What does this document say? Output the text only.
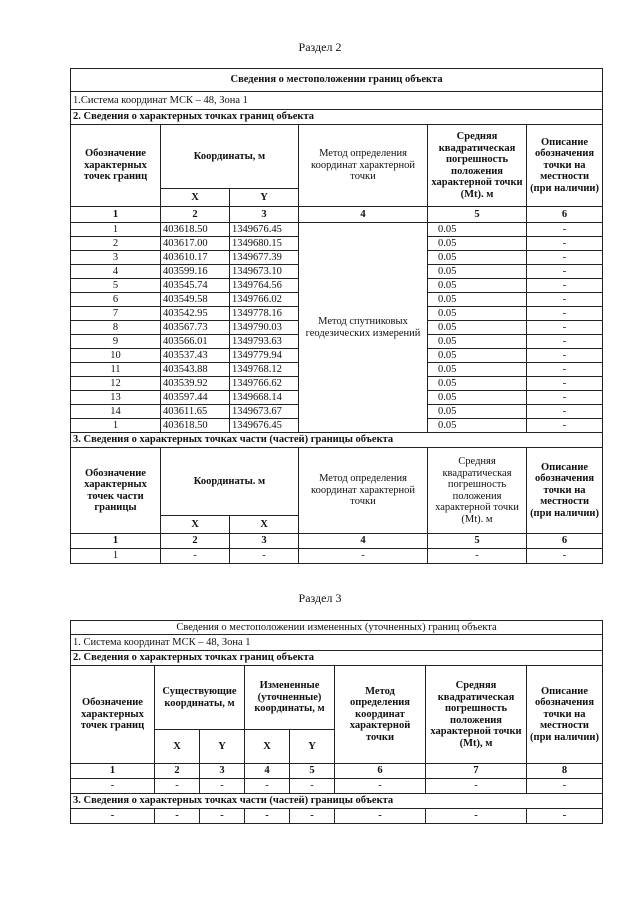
Раздел 2
Сведения о местоположении границ объекта					
1.Система координат МСК – 48, Зона 1					
2. Сведения о характерных точках границ объекта					
Обозначение характерных точек границ	Координаты, м		Метод определения координат характерной точки	Средняя квадратическая погрешность положения характерной точки (Mt). м	Описание обозначения точки на местности (при наличии)
	X	Y			
1	2	3	4	5	6
1	403618.50	1349676.45	Метод спутниковых геодезических измерений	0.05	-
2	403617.00	1349680.15		0.05	-
3	403610.17	1349677.39		0.05	-
4	403599.16	1349673.10		0.05	-
5	403545.74	1349764.56		0.05	-
6	403549.58	1349766.02		0.05	-
7	403542.95	1349778.16		0.05	-
8	403567.73	1349790.03		0.05	-
9	403566.01	1349793.63		0.05	-
10	403537.43	1349779.94		0.05	-
11	403543.88	1349768.12		0.05	-
12	403539.92	1349766.62		0.05	-
13	403597.44	1349668.14		0.05	-
14	403611.65	1349673.67		0.05	-
1	403618.50	1349676.45		0.05	-
3. Сведения о характерных точках части (частей) границы объекта					
Обозначение характерных точек части границы	Координаты. м		Метод определения координат характерной точки	Средняя квадратическая погрешность положения характерной точки (Mt). м	Описание обозначения точки на местности (при наличии)
	X	X			
1	2	3	4	5	6
1	-	-	-	-	-
Раздел 3
Сведения о местоположении измененных (уточненных) границ объекта							
1. Система координат МСК – 48, Зона 1							
2. Сведения о характерных точках границ объекта							
Обозначение характерных точек границ	Существующие координаты, м		Измененные (уточненные) координаты, м		Метод определения координат характерной точки	Средняя квадратическая погрешность положения характерной точки (Mt), м	Описание обозначения точки на местности (при наличии)
	X	Y	X	Y			
1	2	3	4	5	6	7	8
-	-	-	-	-	-	-	-
3. Сведения о характерных точках части (частей) границы объекта							
-	-	-	-	-	-	-	-
